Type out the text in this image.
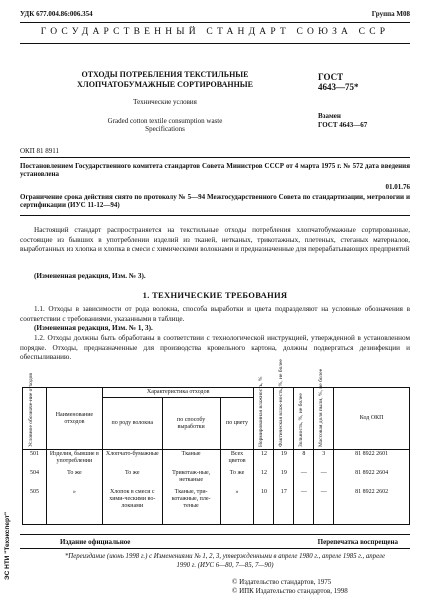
УДК 677.004.86:006.354	Группа М08
ГОСУДАРСТВЕННЫЙ СТАНДАРТ СОЮЗА ССР
ОТХОДЫ ПОТРЕБЛЕНИЯ ТЕКСТИЛЬНЫЕ
ХЛОПЧАТОБУМАЖНЫЕ СОРТИРОВАННЫЕ
Технические условия
Graded cotton textile consumption waste
Specifications
ГОСТ
4643—75*
Взамен
ГОСТ 4643—67
ОКП 81 8911
Постановлением Государственного комитета стандартов Совета Министров СССР от 4 марта 1975 г. № 572 дата введения установлена
01.01.76
Ограничение срока действия снято по протоколу № 5—94 Межгосударственного Совета по стандартизации, метрологии и сертификации (ИУС 11-12—94)
Настоящий стандарт распространяется на текстильные отходы потребления хлопчатобумажные сортированные, состоящие из бывших в употреблении изделий из тканей, нетканых, трикотажных, плетеных, стеганых материалов, выработанных из хлопка и хлопка в смеси с химическими волокнами и предназначенные для перерабатывающих предприятий
(Измененная редакция, Изм. № 3).
1. ТЕХНИЧЕСКИЕ ТРЕБОВАНИЯ
1.1. Отходы в зависимости от рода волокна, способа выработки и цвета подразделяют на условные обозначения в соответствии с требованиями, указанными в таблице.
(Измененная редакция, Изм. № 1, 3).
1.2. Отходы должны быть обработаны в соответствии с технологической инструкцией, утвержденной в установленном порядке. Отходы, предназначенные для производства кровельного картона, должны подвергаться дезинфекции и обеспыливанию.
ЭС НТИ "Техэксперт"
Условное обозначе-ние отходов	Наименование отходов	Характеристика отходов			Нормированная влажность, %	Фактическая влаж-ность, %, не более	Зольность, %, не более	Массовая доля пыли, %, не более	Код ОКП
		по роду волокна	по способу выработки	по цвету					
501	Изделия, бывшие в употреблении	Хлопчато-бумажные	Тканые	Всех цветов	12	19	8	3	81 8922 2601
504	То же	То же	Трикотаж-ные, нетканые	То же	12	19	—	—	81 8922 2604
505	»	Хлопок в смеси с хими-ческими во-локнами	Тканые, три-котажные, пле-теные	»	10	17	—	—	81 8922 2602
Издание официальное	Перепечатка воспрещена
*Переиздание (июнь 1998 г.) с Изменениями № 1, 2, 3, утвержденными в апреле 1980 г., апреле 1985 г., апреле 1990 г. (ИУС 6—80, 7—85, 7—90)
© Издательство стандартов, 1975
© ИПК Издательство стандартов, 1998
